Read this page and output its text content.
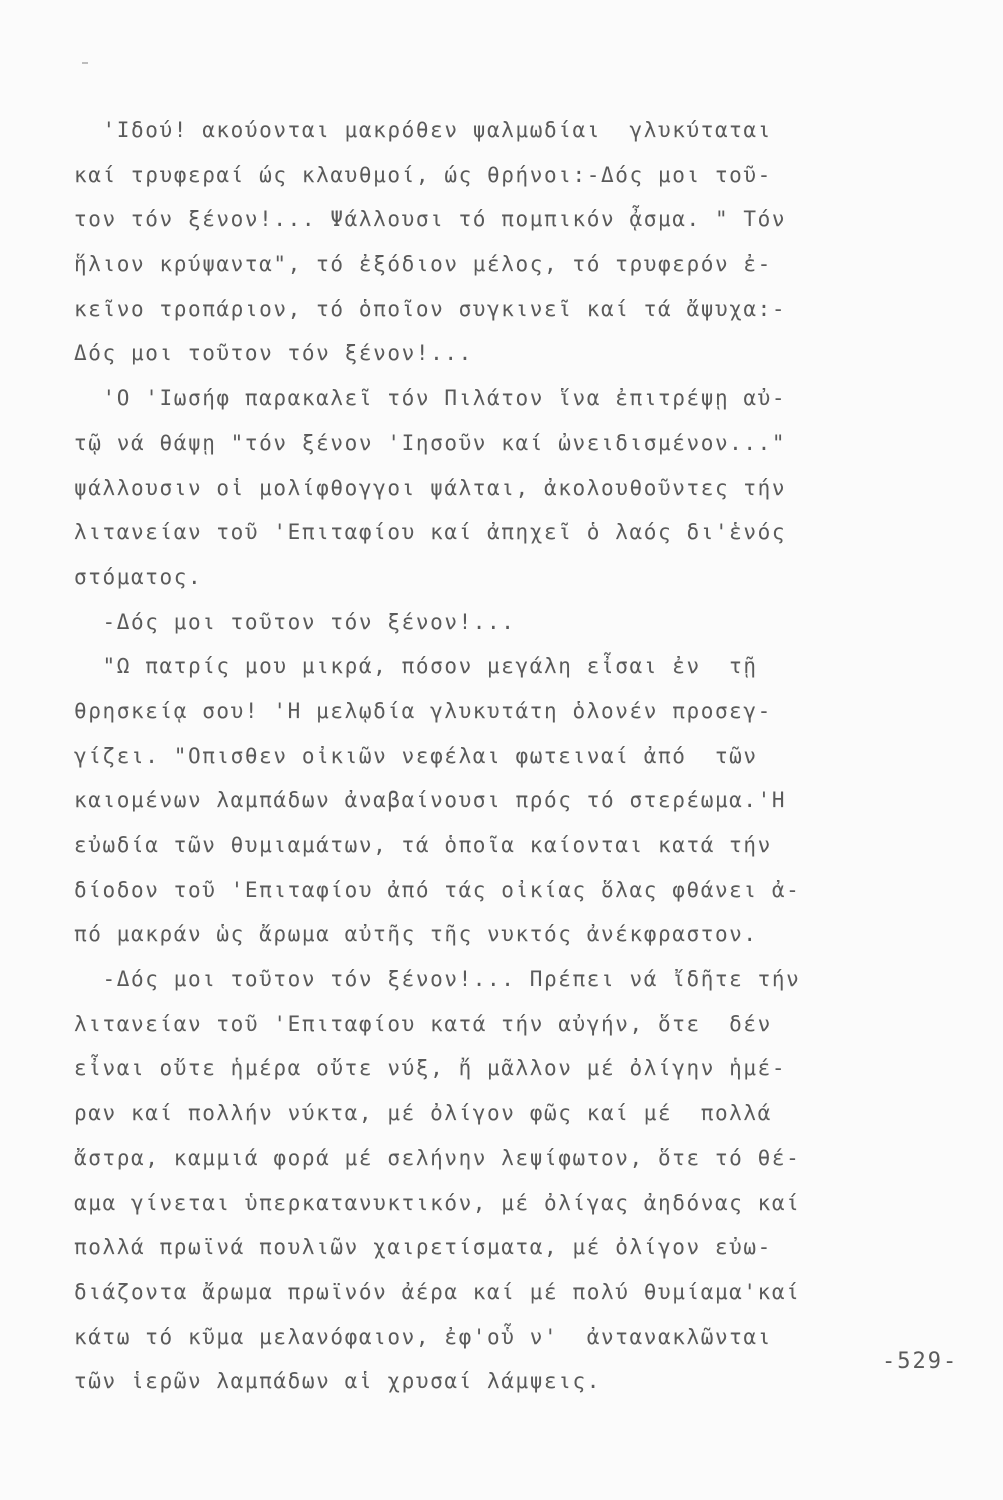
'Ιδού! ακούονται μακρόθεν ψαλμωδίαι  γλυκύταται
καί τρυφεραί ώς κλαυθμοί, ώς θρήνοι:-Δός μοι τοῦ-
τον τόν ξένον!... Ψάλλουσι τό πομπικόν ᾆσμα. " Τόν
ἥλιον κρύψαντα", τό ἐξόδιον μέλος, τό τρυφερόν ἐ-
κεῖνο τροπάριον, τό ὁποῖον συγκινεῖ καί τά ἄψυχα:-
Δός μοι τοῦτον τόν ξένον!...
'Ο 'Ιωσήφ παρακαλεῖ τόν Πιλάτον ἵνα ἐπιτρέψῃ αὐ-
τῷ νά θάψῃ "τόν ξένον 'Ιησοῦν καί ὠνειδισμένον..."
ψάλλουσιν οἱ μολίφθογγοι ψάλται, ἀκολουθοῦντες τήν
λιτανείαν τοῦ 'Επιταφίου καί ἀπηχεῖ ὁ λαός δι'ἑνός
στόματος.
-Δός μοι τοῦτον τόν ξένον!...
"Ω πατρίς μου μικρά, πόσον μεγάλη εἶσαι ἐν  τῇ
θρησκείᾳ σου! 'Η μελῳδία γλυκυτάτη ὁλονέν προσεγ-
γίζει. "Οπισθεν οἰκιῶν νεφέλαι φωτειναί ἀπό  τῶν
καιομένων λαμπάδων ἀναβαίνουσι πρός τό στερέωμα.'Η
εὐωδία τῶν θυμιαμάτων, τά ὁποῖα καίονται κατά τήν
δίοδον τοῦ 'Επιταφίου ἀπό τάς οἰκίας ὅλας φθάνει ἀ-
πό μακράν ὡς ἄρωμα αὐτῆς τῆς νυκτός ἀνέκφραστον.
-Δός μοι τοῦτον τόν ξένον!... Πρέπει νά ἴδῆτε τήν
λιτανείαν τοῦ 'Επιταφίου κατά τήν αὐγήν, ὅτε  δέν
εἶναι οὔτε ἡμέρα οὔτε νύξ, ἤ μᾶλλον μέ ὀλίγην ἡμέ-
ραν καί πολλήν νύκτα, μέ ὀλίγον φῶς καί μέ  πολλά
ἄστρα, καμμιά φορά μέ σελήνην λεψίφωτον, ὅτε τό θέ-
αμα γίνεται ὑπερκατανυκτικόν, μέ ὀλίγας ἀηδόνας καί
πολλά πρωϊνά πουλιῶν χαιρετίσματα, μέ ὀλίγον εὐω-
διάζοντα ἄρωμα πρωϊνόν ἀέρα καί μέ πολύ θυμίαμα'καί
κάτω τό κῦμα μελανόφαιον, ἐφ'οὗ ν'  ἀντανακλῶνται
τῶν ἱερῶν λαμπάδων αἱ χρυσαί λάμψεις.
-529-
